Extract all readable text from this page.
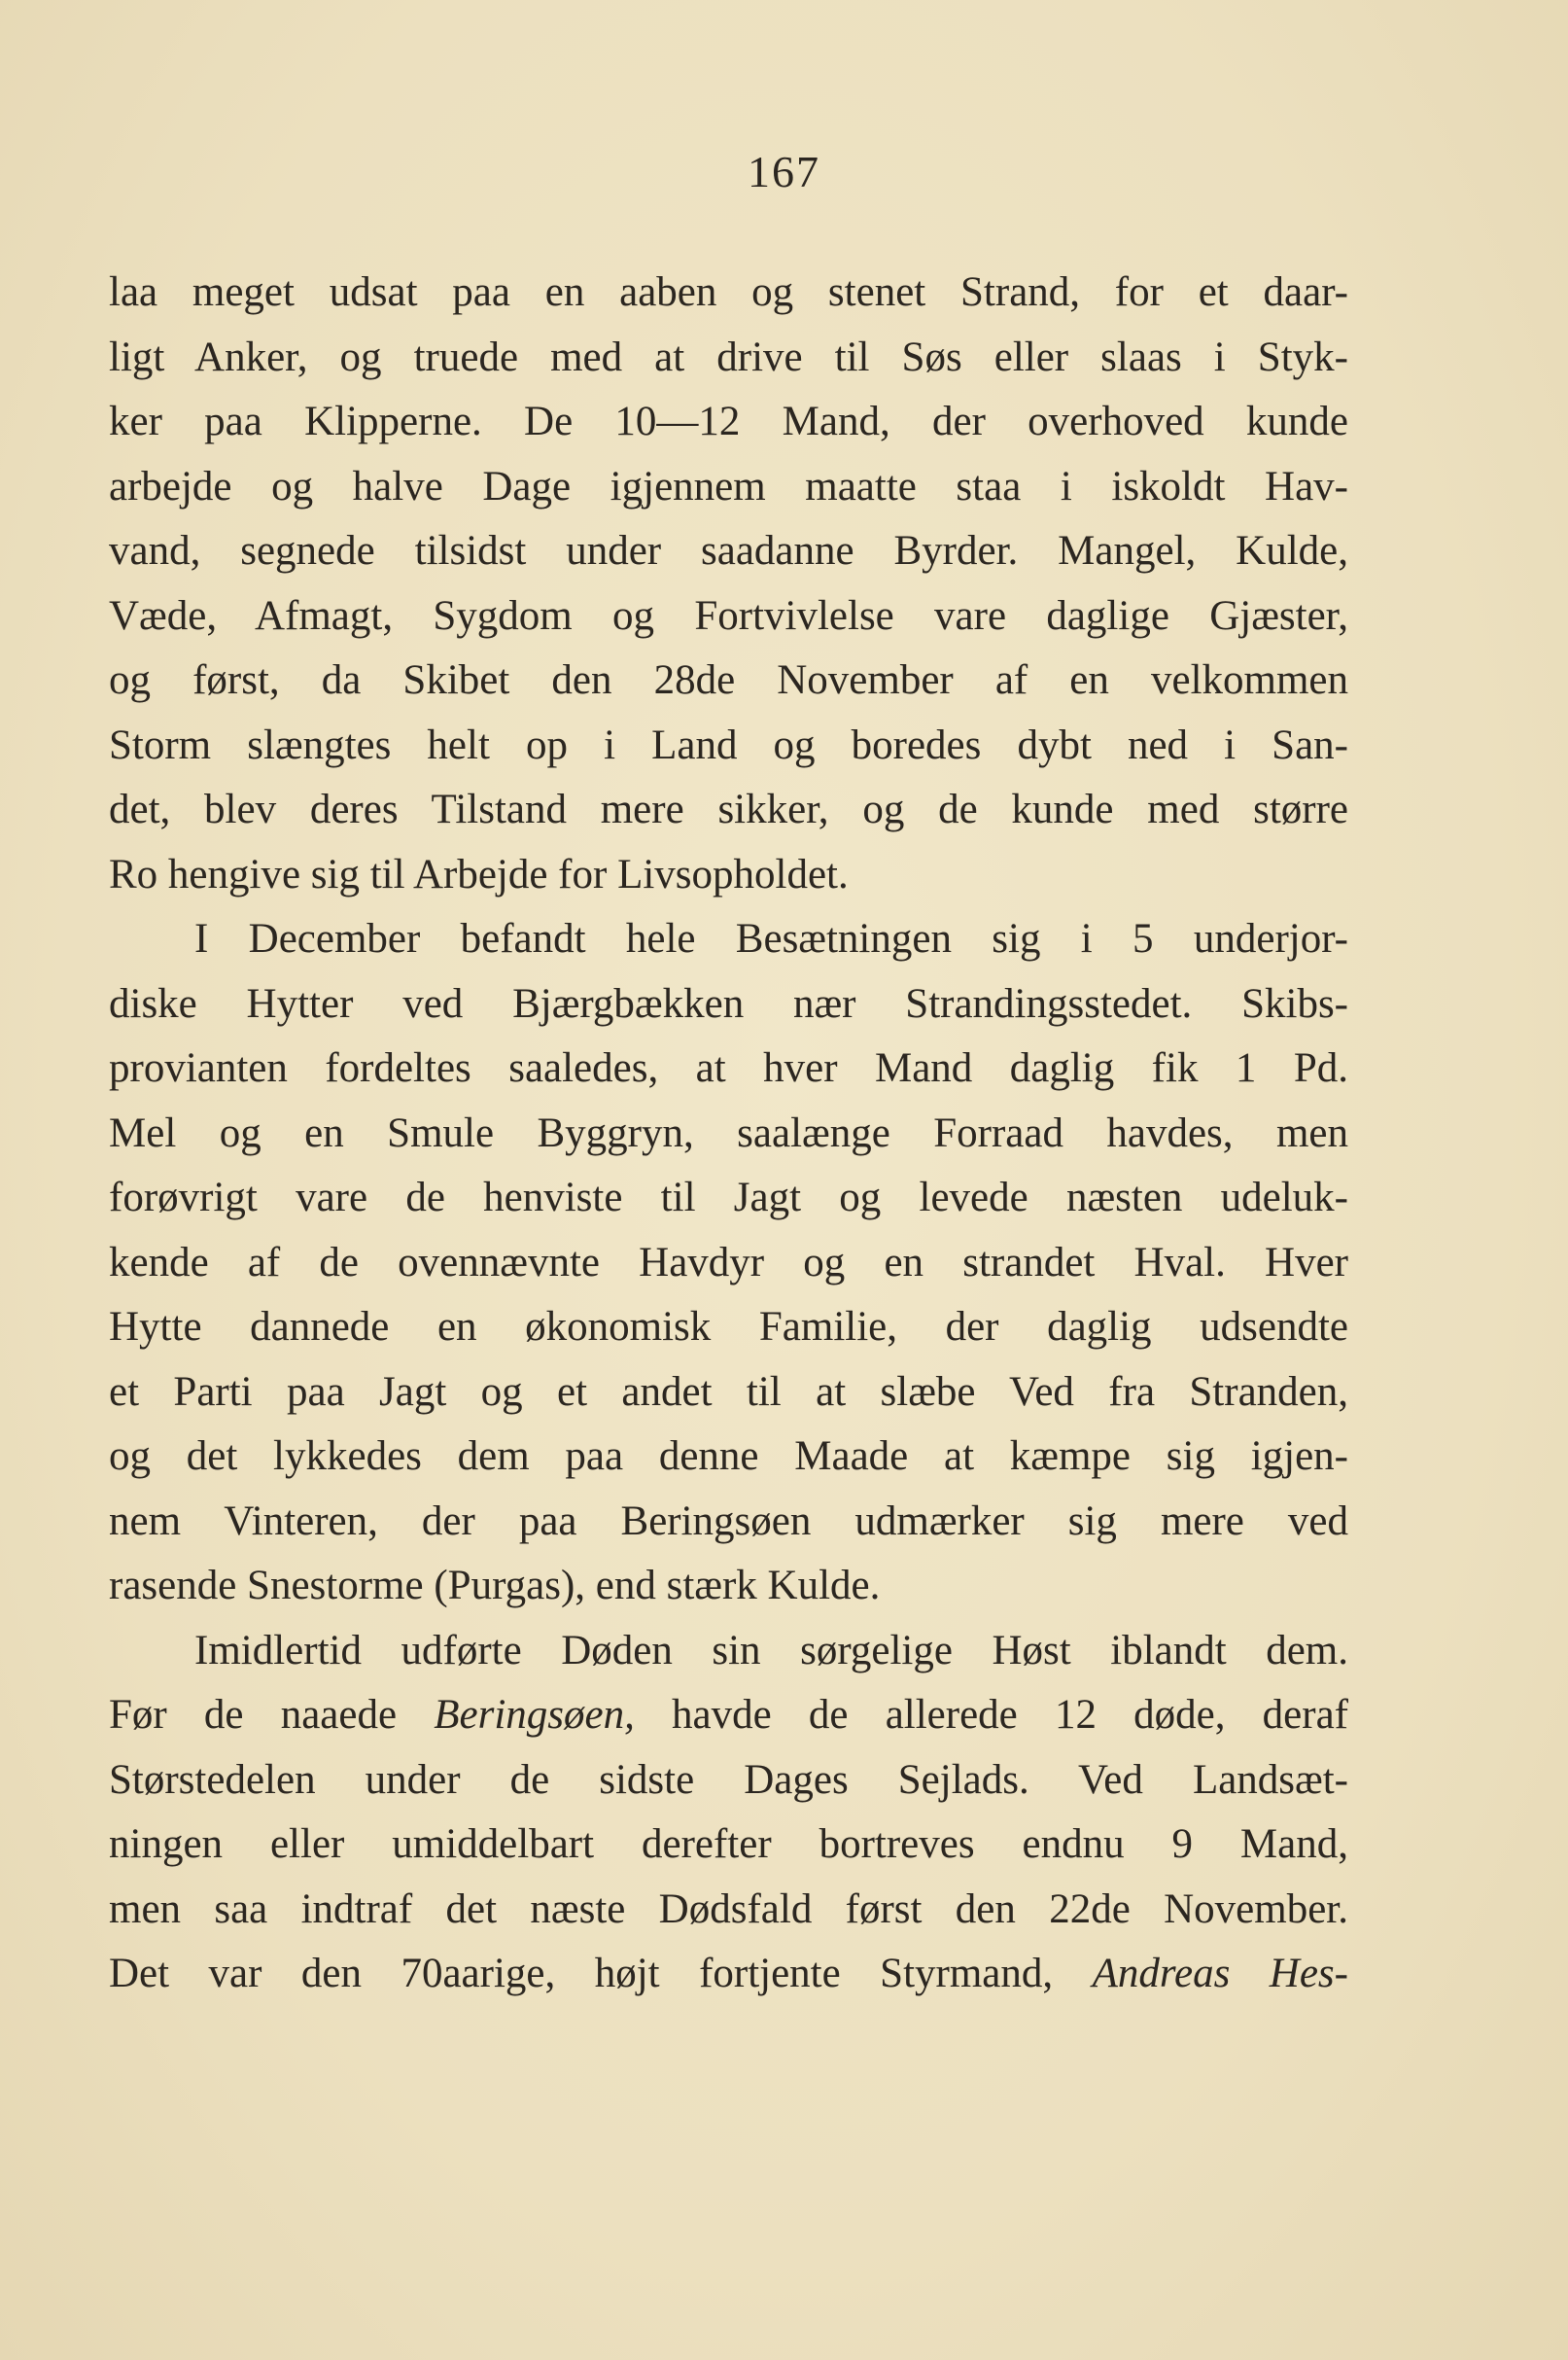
167
laa meget udsat paa en aaben og stenet Strand, for et daar-
ligt Anker, og truede med at drive til Søs eller slaas i Styk-
ker paa Klipperne. De 10—12 Mand, der overhoved kunde
arbejde og halve Dage igjennem maatte staa i iskoldt Hav-
vand, segnede tilsidst under saadanne Byrder. Mangel, Kulde,
Væde, Afmagt, Sygdom og Fortvivlelse vare daglige Gjæster,
og først, da Skibet den 28de November af en velkommen
Storm slængtes helt op i Land og boredes dybt ned i San-
det, blev deres Tilstand mere sikker, og de kunde med større
Ro hengive sig til Arbejde for Livsopholdet.
I December befandt hele Besætningen sig i 5 underjor-
diske Hytter ved Bjærgbækken nær Strandingsstedet. Skibs-
provianten fordeltes saaledes, at hver Mand daglig fik 1 Pd.
Mel og en Smule Byggryn, saalænge Forraad havdes, men
forøvrigt vare de henviste til Jagt og levede næsten udeluk-
kende af de ovennævnte Havdyr og en strandet Hval. Hver
Hytte dannede en økonomisk Familie, der daglig udsendte
et Parti paa Jagt og et andet til at slæbe Ved fra Stranden,
og det lykkedes dem paa denne Maade at kæmpe sig igjen-
nem Vinteren, der paa Beringsøen udmærker sig mere ved
rasende Snestorme (Purgas), end stærk Kulde.
Imidlertid udførte Døden sin sørgelige Høst iblandt dem.
Før de naaede Beringsøen, havde de allerede 12 døde, deraf
Størstedelen under de sidste Dages Sejlads. Ved Landsæt-
ningen eller umiddelbart derefter bortreves endnu 9 Mand,
men saa indtraf det næste Dødsfald først den 22de November.
Det var den 70aarige, højt fortjente Styrmand, Andreas Hes-
